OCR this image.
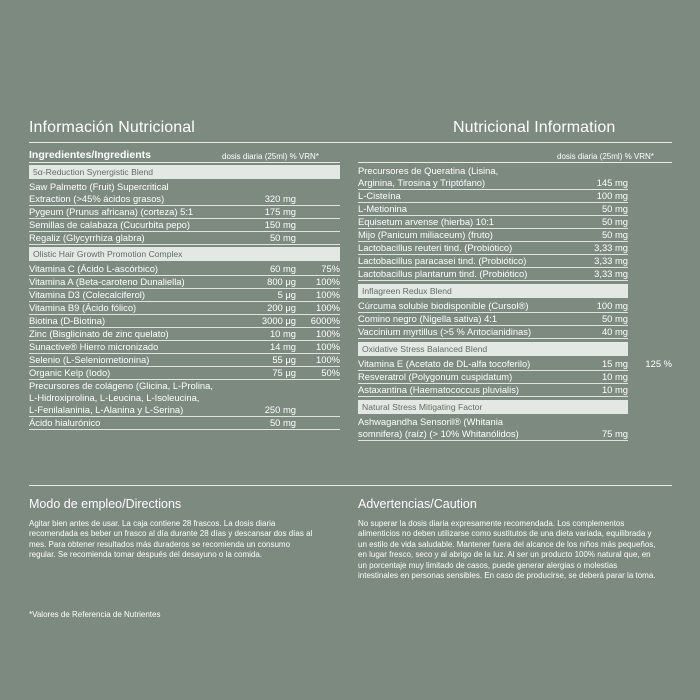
Información Nutricional	Nutricional Information
Ingredientes/Ingredients	dosis diaria (25ml) % VRN*	dosis diaria (25ml) % VRN*
5α-Reduction Synergistic Blend
Saw Palmetto (Fruit) Supercritical
Extraction (>45% ácidos grasos)	320 mg
Pygeum (Prunus africana) (corteza) 5:1	175 mg
Semillas de calabaza (Cucurbita pepo)	150 mg
Regaliz (Glycyrrhiza glabra)	50 mg
Olistic Hair Growth Promotion Complex
Vitamina C (Ácido L-ascórbico)	60 mg	75%
Vitamina A (Beta-caroteno Dunaliella)	800 μg 100%
Vitamina D3 (Colecalciferol)	5 μg 100%
Vitamina B9 (Ácido fólico)	200 μg 100%
Biotina (D-Biotina)	3000 μg 6000%
Zinc (Bisglicinato de zinc quelato)	10 mg 100%
Sunactive® Hierro micronizado	14 mg 100%
Selenio (L-Seleniometionina)	55 μg 100%
Organic Kelp (Iodo)	75 μg	50%
Precursores de colágeno (Glicina, L-Prolina,
L-Hidroxiprolina, L-Leucina, L-Isoleucina,
L-Fenilalaninia, L-Alanina y L-Serina)	250 mg
Ácido hialurónico	50 mg
Precursores de Queratina (Lisina,
Arginina, Tirosina y Triptófano)	145 mg
L-Cisteína	100 mg
L-Metionina	50 mg
Equisetum arvense (hierba) 10:1	50 mg
Mijo (Panicum miliaceum) (fruto)	50 mg
Lactobacillus reuteri tind. (Probiótico)	3,33 mg
Lactobacillus paracasei tind. (Probiótico)	3,33 mg
Lactobacillus plantarum tind. (Probiótico)	3,33 mg
Inflagreen Redux Blend
Cúrcuma soluble biodisponible (Cursol®)	100 mg
Comino negro (Nigella sativa) 4:1	50 mg
Vaccinium myrtillus (>5 % Antocianidinas)	40 mg
Oxidative Stress Balanced Blend
Vitamina E (Acetato de DL-alfa tocoferilo)	15 mg 125 %
Resveratrol (Polygonum cuspidatum)	10 mg
Astaxantina (Haematococcus pluvialis)	10 mg
Natural Stress Mitigating Factor
Ashwagandha Sensoril® (Whitania
somnifera) (raíz) (> 10% Whitanólidos)	75 mg
Modo de empleo/Directions
Agitar bien antes de usar. La caja contiene 28 frascos. La dosis diaria recomendada es beber un frasco al día durante 28 días y descansar dos días al mes. Para obtener resultados más duraderos se recomienda un consumo regular. Se recomienda tomar después del desayuno o la comida.
Advertencias/Caution
No superar la dosis diaria expresamente recomendada. Los complementos alimenticios no deben utilizarse como sustitutos de una dieta variada, equilibrada y un estilo de vida saludable. Mantener fuera del alcance de los niños más pequeños, en lugar fresco, seco y al abrigo de la luz. Al ser un producto 100% natural que, en un porcentaje muy limitado de casos, puede generar alergias o molestias intestinales en personas sensibles. En caso de producirse, se deberá parar la toma.
*Valores de Referencia de Nutrientes
